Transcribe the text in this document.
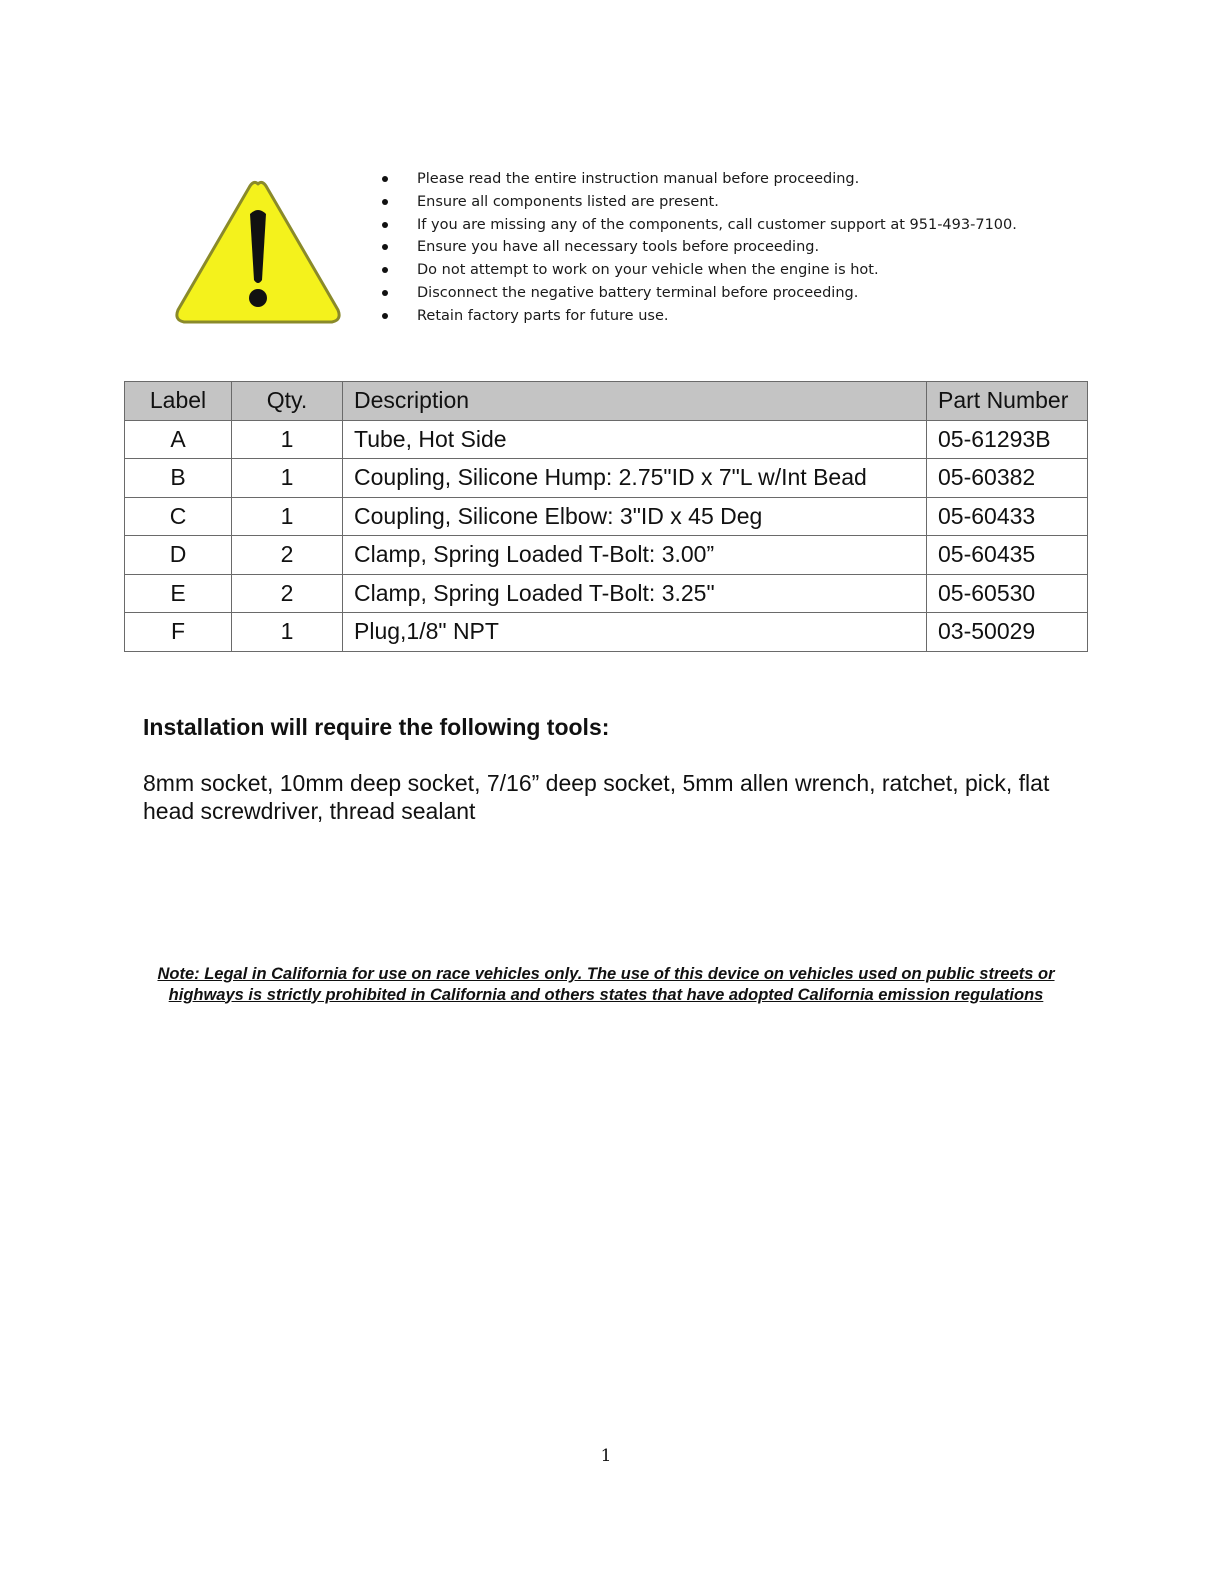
Please read the entire instruction manual before proceeding.
Ensure all components listed are present.
If you are missing any of the components, call customer support at 951-493-7100.
Ensure you have all necessary tools before proceeding.
Do not attempt to work on your vehicle when the engine is hot.
Disconnect the negative battery terminal before proceeding.
Retain factory parts for future use.
Label	Qty.	Description	Part Number
A	1	Tube, Hot Side	05-61293B
B	1	Coupling, Silicone Hump: 2.75"ID x 7"L w/Int Bead	05-60382
C	1	Coupling, Silicone Elbow: 3"ID x 45 Deg	05-60433
D	2	Clamp, Spring Loaded T-Bolt: 3.00”	05-60435
E	2	Clamp, Spring Loaded T-Bolt: 3.25"	05-60530
F	1	Plug,1/8" NPT	03-50029
Installation will require the following tools:

8mm socket, 10mm deep socket, 7/16” deep socket, 5mm allen wrench, ratchet, pick, flat head screwdriver, thread sealant

Note: Legal in California for use on race vehicles only. The use of this device on vehicles used on public streets or highways is strictly prohibited in California and others states that have adopted California emission regulations

1
